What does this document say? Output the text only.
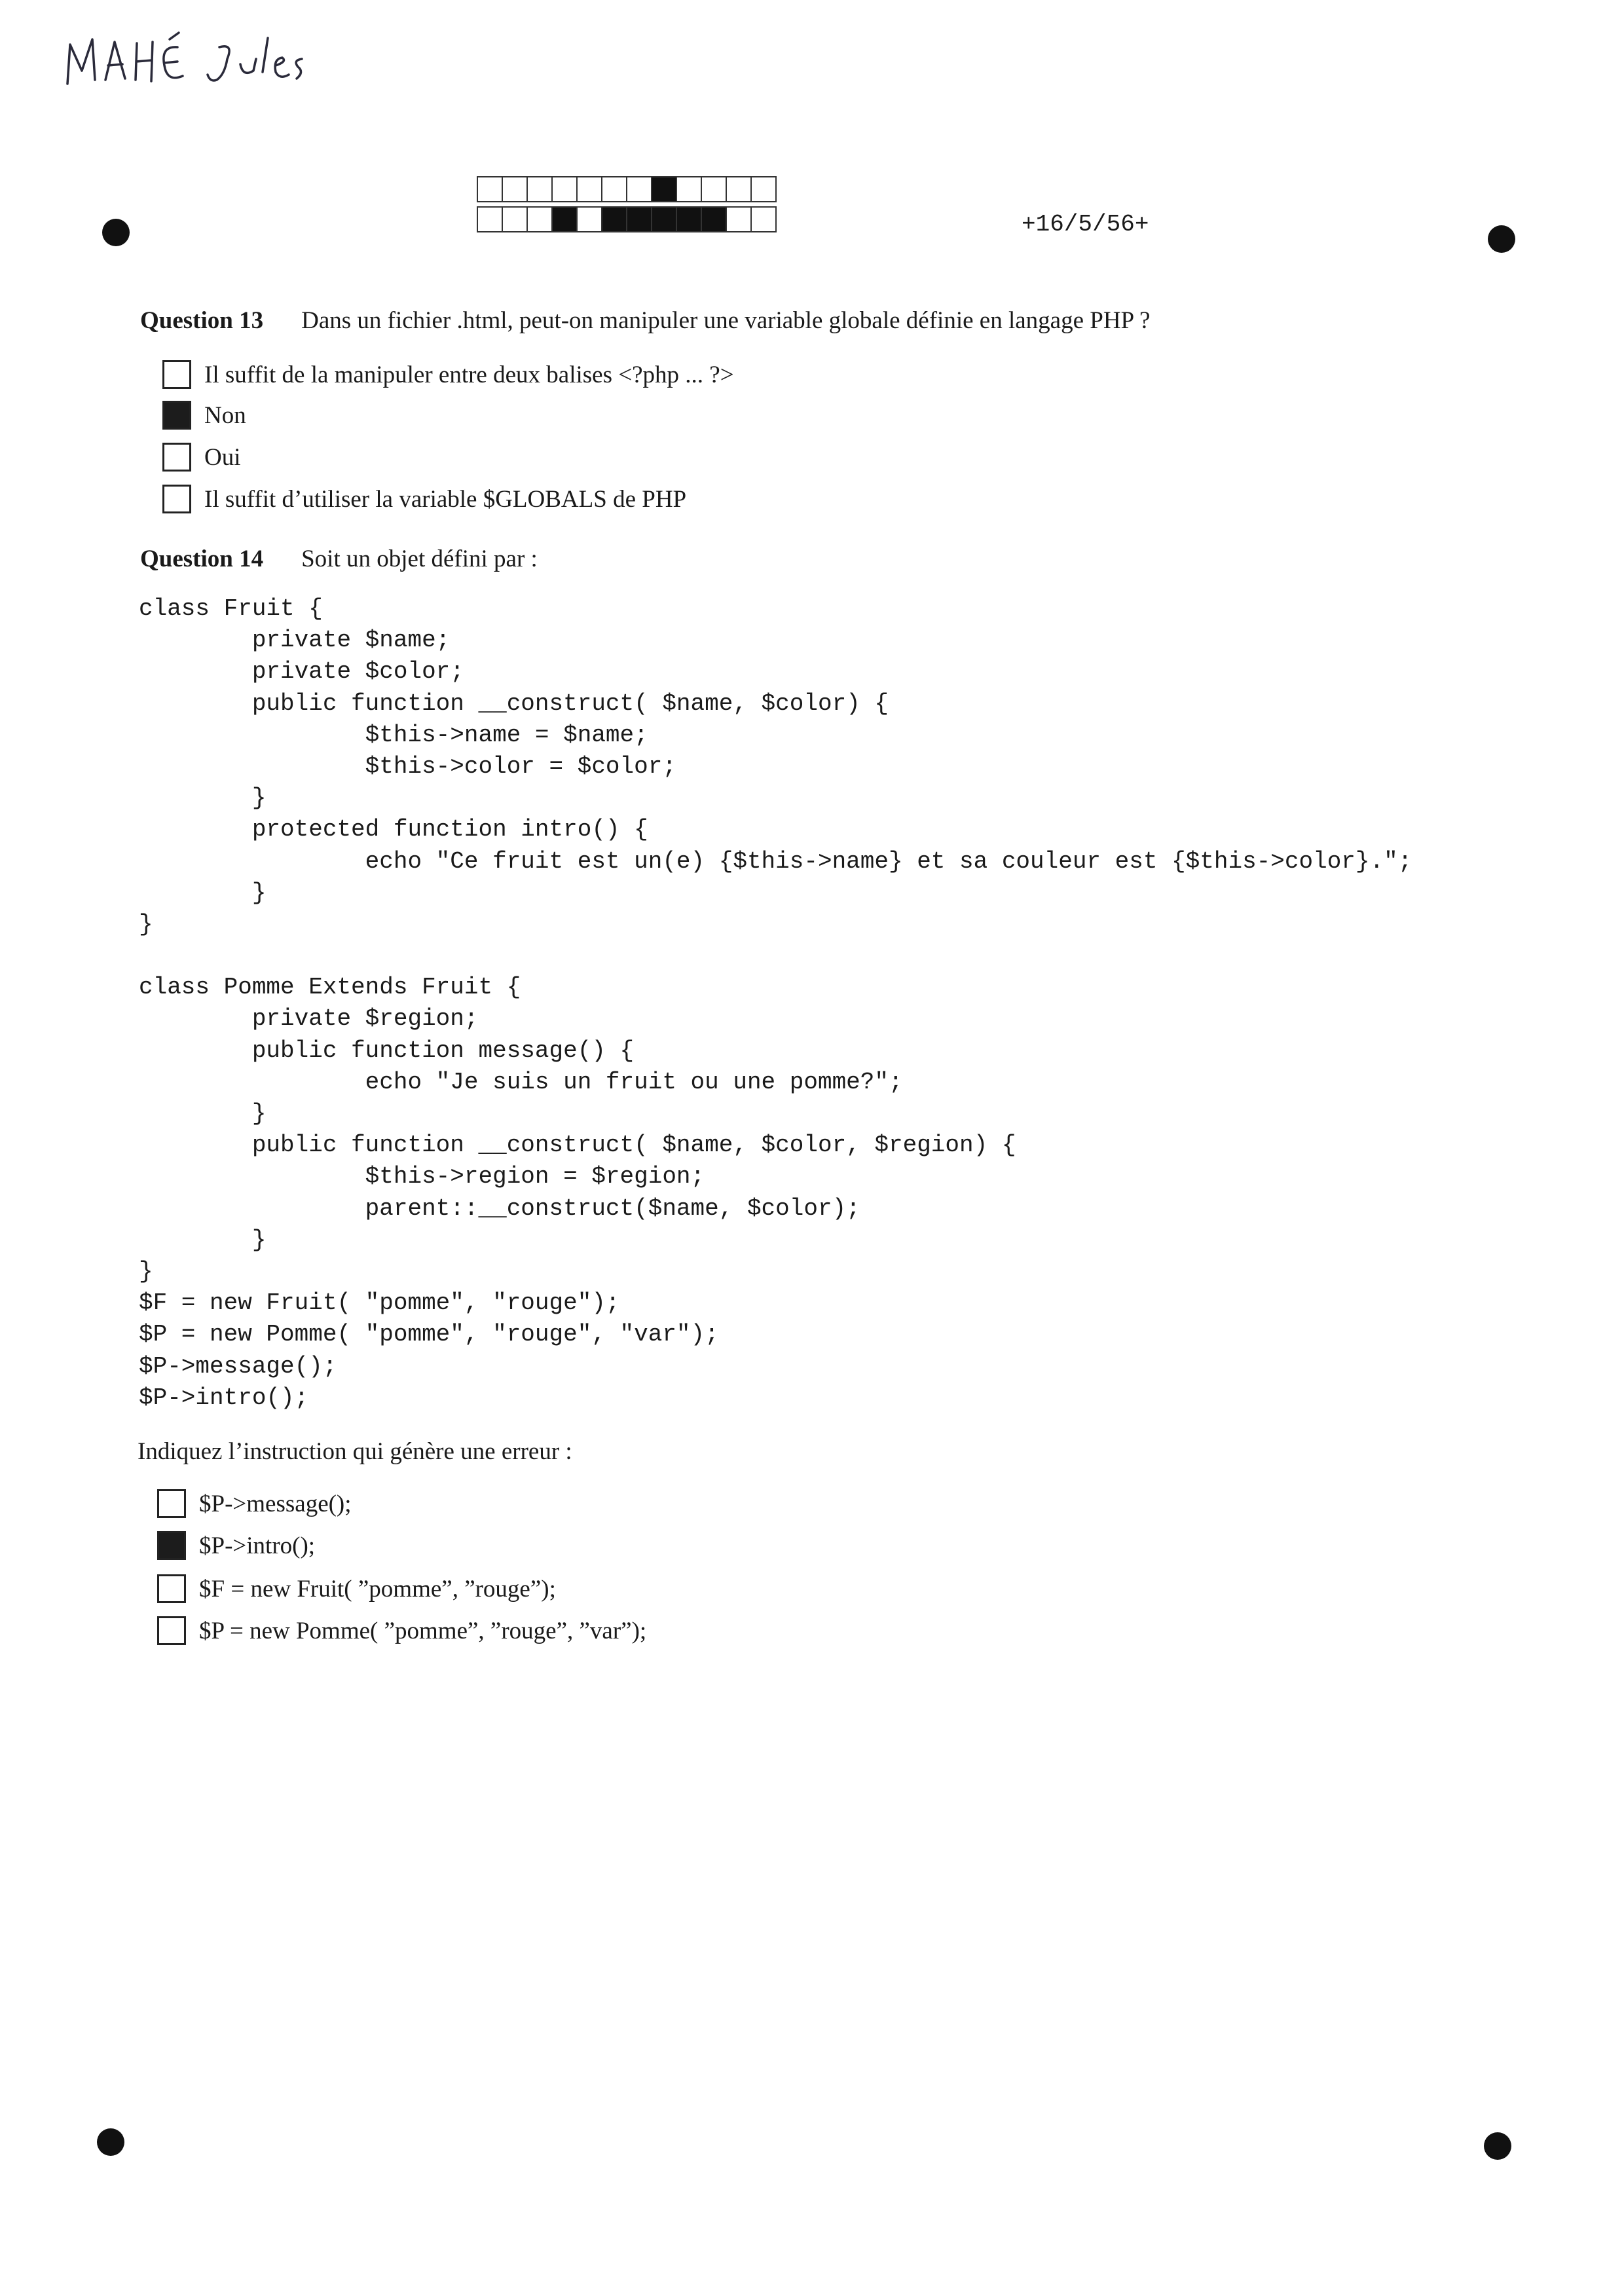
+16/5/56+
Question 13 Dans un fichier .html, peut-on manipuler une variable globale définie en langage PHP ?
Il suffit de la manipuler entre deux balises <?php ... ?>
Non
Oui
Il suffit d’utiliser la variable $GLOBALS de PHP
Question 14 Soit un objet défini par :
class Fruit {
private $name;
private $color;
public function __construct( $name, $color) {
$this->name = $name;
$this->color = $color;
}
protected function intro() {
echo "Ce fruit est un(e) {$this->name} et sa couleur est {$this->color}.";
}
}
class Pomme Extends Fruit {
private $region;
public function message() {
echo "Je suis un fruit ou une pomme?";
}
public function __construct( $name, $color, $region) {
$this->region = $region;
parent::__construct($name, $color);
}
}
$F = new Fruit( "pomme", "rouge");
$P = new Pomme( "pomme", "rouge", "var");
$P->message();
$P->intro();
Indiquez l’instruction qui génère une erreur :
$P->message();
$P->intro();
$F = new Fruit( ”pomme”, ”rouge”);
$P = new Pomme( ”pomme”, ”rouge”, ”var”);
